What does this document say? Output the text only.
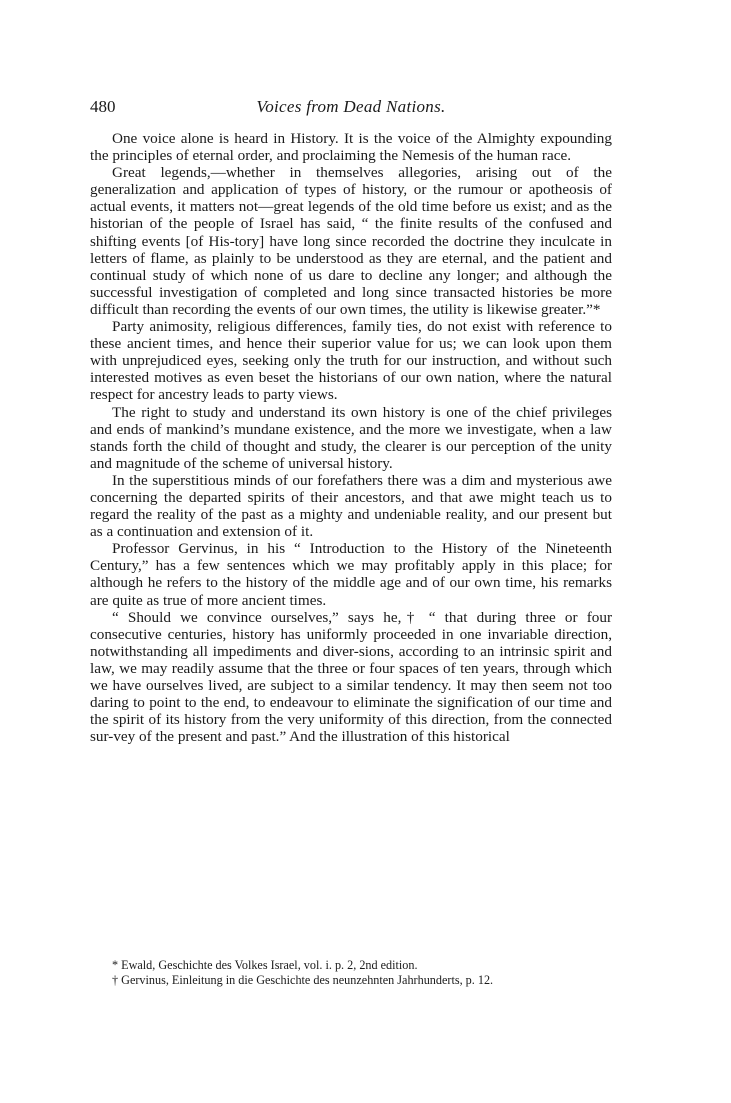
480	Voices from Dead Nations.

One voice alone is heard in History. It is the voice of the Almighty expounding the principles of eternal order, and proclaiming the Nemesis of the human race.

Great legends,—whether in themselves allegories, arising out of the generalization and application of types of history, or the rumour or apotheosis of actual events, it matters not—great legends of the old time before us exist; and as the historian of the people of Israel has said, “ the finite results of the confused and shifting events [of His-tory] have long since recorded the doctrine they inculcate in letters of flame, as plainly to be understood as they are eternal, and the patient and continual study of which none of us dare to decline any longer; and although the successful investigation of completed and long since transacted histories be more difficult than recording the events of our own times, the utility is likewise greater.”*

Party animosity, religious differences, family ties, do not exist with reference to these ancient times, and hence their superior value for us; we can look upon them with unprejudiced eyes, seeking only the truth for our instruction, and without such interested motives as even beset the historians of our own nation, where the natural respect for ancestry leads to party views.

The right to study and understand its own history is one of the chief privileges and ends of mankind’s mundane existence, and the more we investigate, when a law stands forth the child of thought and study, the clearer is our perception of the unity and magnitude of the scheme of universal history.

In the superstitious minds of our forefathers there was a dim and mysterious awe concerning the departed spirits of their ancestors, and that awe might teach us to regard the reality of the past as a mighty and undeniable reality, and our present but as a continuation and extension of it.

Professor Gervinus, in his “ Introduction to the History of the Nineteenth Century,” has a few sentences which we may profitably apply in this place; for although he refers to the history of the middle age and of our own time, his remarks are quite as true of more ancient times.

“ Should we convince ourselves,” says he,† “ that during three or four consecutive centuries, history has uniformly proceeded in one invariable direction, notwithstanding all impediments and diver-sions, according to an intrinsic spirit and law, we may readily assume that the three or four spaces of ten years, through which we have ourselves lived, are subject to a similar tendency. It may then seem not too daring to point to the end, to endeavour to eliminate the signification of our time and the spirit of its history from the very uniformity of this direction, from the connected sur-vey of the present and past.” And the illustration of this historical

* Ewald, Geschichte des Volkes Israel, vol. i. p. 2, 2nd edition.

† Gervinus, Einleitung in die Geschichte des neunzehnten Jahrhunderts, p. 12.
